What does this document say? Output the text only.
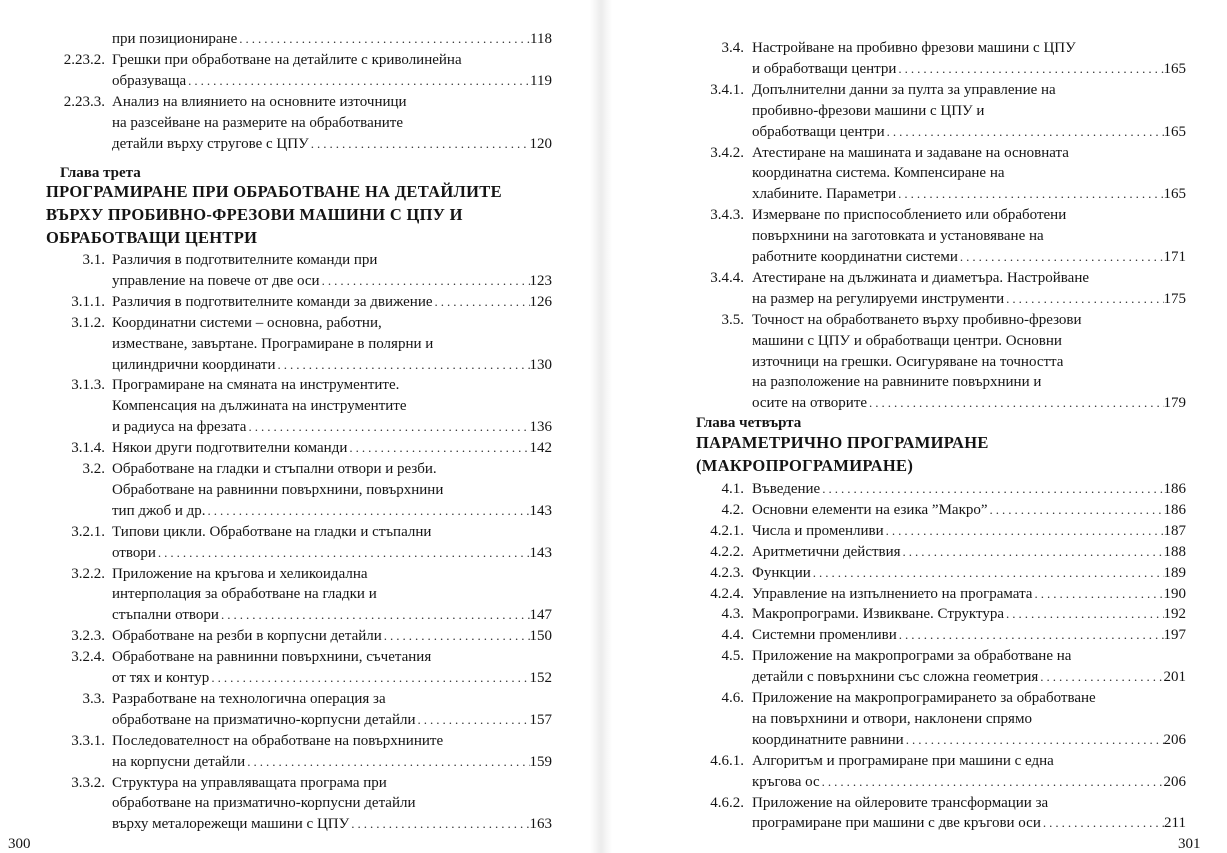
Глава трета
ПРОГРАМИРАНЕ ПРИ ОБРАБОТВАНЕ НА ДЕТАЙЛИТЕ
ВЪРХУ ПРОБИВНО-ФРЕЗОВИ МАШИНИ С ЦПУ И
ОБРАБОТВАЩИ ЦЕНТРИ
300
при позициониране .....	118
2.23.2. Грешки при обработване на детайлите с криволинейна
образуваща .....	119
2.23.3. Анализ на влиянието на основните източници
на разсейване на размерите на обработваните
детайли върху стругове с ЦПУ .....	120
3.1. Различия в подготвителните команди при
управление на повече от две оси .....	123
3.1.1. Различия в подготвителните команди за движение .....	126
3.1.2. Координатни системи – основна, работни,
изместване, завъртане. Програмиране в полярни и
цилиндрични координати .....	130
3.1.3. Програмиране на смяната на инструментите.
Компенсация на дължината на инструментите
и радиуса на фрезата .....	136
3.1.4. Някои други подготвителни команди .....	142
3.2. Обработване на гладки и стъпални отвори и резби.
Обработване на равнинни повърхнини, повърхнини
тип джоб и др. .....	143
3.2.1. Типови цикли. Обработване на гладки и стъпални
отвори .....	143
3.2.2. Приложение на кръгова и хеликоидална
интерполация за обработване на гладки и
стъпални отвори .....	147
3.2.3. Обработване на резби в корпусни детайли .....	150
3.2.4. Обработване на равнинни повърхнини, съчетания
от тях и контур .....	152
3.3. Разработване на технологична операция за
обработване на призматично-корпусни детайли .....	157
3.3.1. Последователност на обработване на повърхнините
на корпусни детайли .....	159
3.3.2. Структура на управляващата програма при
обработване на призматично-корпусни детайли
върху металорежещи машини с ЦПУ .....	163
Глава четвърта
ПАРАМЕТРИЧНО ПРОГРАМИРАНЕ
(МАКРОПРОГРАМИРАНЕ)
301
3.4. Настройване на пробивно фрезови машини с ЦПУ
и обработващи центри .....	165
3.4.1. Допълнителни данни за пулта за управление на
пробивно-фрезови машини с ЦПУ и
обработващи центри .....	165
3.4.2. Атестиране на машината и задаване на основната
координатна система. Компенсиране на
хлабините. Параметри .....	165
3.4.3. Измерване по приспособлението или обработени
повърхнини на заготовката и установяване на
работните координатни системи .....	171
3.4.4. Атестиране на дължината и диаметъра. Настройване
на размер на регулируеми инструменти .....	175
3.5. Точност на обработването върху пробивно-фрезови
машини с ЦПУ и обработващи центри. Основни
източници на грешки. Осигуряване на точността
на разположение на равнините повърхнини и
осите на отворите .....	179
4.1. Въведение .....	186
4.2. Основни елементи на езика ”Макро” .....	186
4.2.1. Числа и променливи .....	187
4.2.2. Аритметични действия .....	188
4.2.3. Функции .....	189
4.2.4. Управление на изпълнението на програмата .....	190
4.3. Макропрограми. Извикване. Структура .....	192
4.4. Системни променливи .....	197
4.5. Приложение на макропрограми за обработване на
детайли с повърхнини със сложна геометрия .....	201
4.6. Приложение на макропрограмирането за обработване
на повърхнини и отвори, наклонени спрямо
координатните равнини .....	206
4.6.1. Алгоритъм и програмиране при машини с една
кръгова ос .....	206
4.6.2. Приложение на ойлеровите трансформации за
програмиране при машини с две кръгови оси .....	211
